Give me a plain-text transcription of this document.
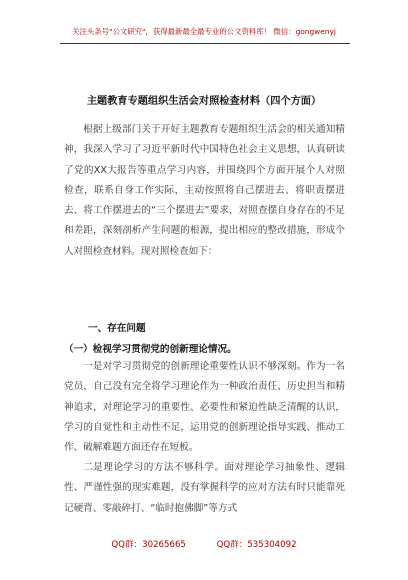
关注头条号"公文研究"，获得最新最全最专业的公文资料库！ 微信：gongwenyj
主题教育专题组织生活会对照检查材料（四个方面）
根据上级部门关于开好主题教育专题组织生活会的相关通知精神，我深入学习了习近平新时代中国特色社会主义思想，认真研读了党的XX大报告等重点学习内容，并围绕四个方面开展个人对照检查，联系自身工作实际，主动按照将自己摆进去、将职责摆进去、将工作摆进去的“三个摆进去”要求，对照查摆自身存在的不足和差距，深刻剖析产生问题的根源，提出相应的整改措施，形成个人对照检查材料。现对照检查如下：
一、存在问题
（一）检视学习贯彻党的创新理论情况。
一是对学习贯彻党的创新理论重要性认识不够深刻。作为一名党员，自己没有完全将学习理论作为一种政治责任、历史担当和精神追求，对理论学习的重要性、必要性和紧迫性缺乏清醒的认识，学习的自觉性和主动性不足，运用党的创新理论指导实践、推动工作、破解难题方面还存在短板。
二是理论学习的方法不够科学。面对理论学习抽象性、逻辑性、严谨性强的现实难题，没有掌握科学的应对方法有时只能靠死记硬背、零敲碎打、“临时抱佛脚”等方式
QQ群：30265665	QQ群：535304092
